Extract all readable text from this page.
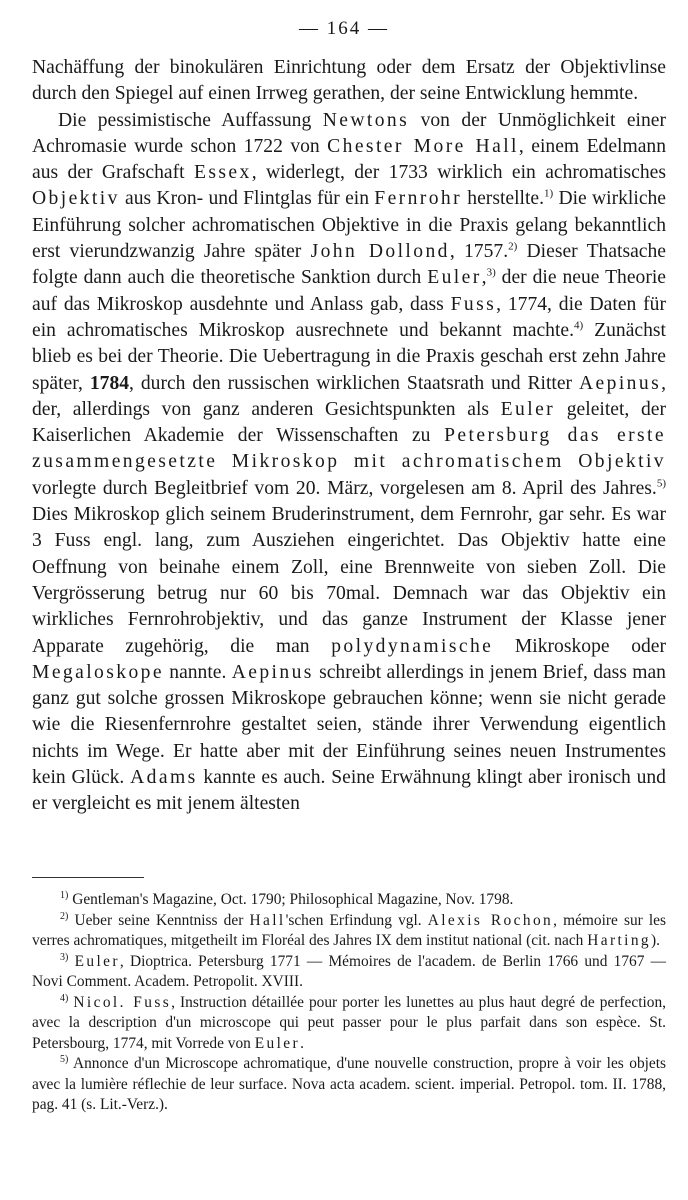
— 164 —

Nachäffung der binokulären Einrichtung oder dem Ersatz der Objektivlinse durch den Spiegel auf einen Irrweg gerathen, der seine Entwicklung hemmte.

Die pessimistische Auffassung Newtons von der Unmöglichkeit einer Achromasie wurde schon 1722 von Chester More Hall, einem Edelmann aus der Grafschaft Essex, widerlegt, der 1733 wirklich ein achromatisches Objektiv aus Kron- und Flintglas für ein Fernrohr herstellte.$^{1)}$ Die wirkliche Einführung solcher achromatischen Objektive in die Praxis gelang bekanntlich erst vierundzwanzig Jahre später John Dollond, 1757.$^{2)}$ Dieser Thatsache folgte dann auch die theoretische Sanktion durch Euler,$^{3)}$ der die neue Theorie auf das Mikroskop ausdehnte und Anlass gab, dass Fuss, 1774, die Daten für ein achromatisches Mikroskop ausrechnete und bekannt machte.$^{4)}$ Zunächst blieb es bei der Theorie. Die Uebertragung in die Praxis geschah erst zehn Jahre später, 1784, durch den russischen wirklichen Staatsrath und Ritter Aepinus, der, allerdings von ganz anderen Gesichtspunkten als Euler geleitet, der Kaiserlichen Akademie der Wissenschaften zu Petersburg das erste zusammengesetzte Mikroskop mit achromatischem Objektiv vorlegte durch Begleitbrief vom 20. März, vorgelesen am 8. April des Jahres.$^{5)}$ Dies Mikroskop glich seinem Bruderinstrument, dem Fernrohr, gar sehr. Es war 3 Fuss engl. lang, zum Ausziehen eingerichtet. Das Objektiv hatte eine Oeffnung von beinahe einem Zoll, eine Brennweite von sieben Zoll. Die Vergrösserung betrug nur 60 bis 70mal. Demnach war das Objektiv ein wirkliches Fernrohrobjektiv, und das ganze Instrument der Klasse jener Apparate zugehörig, die man polydynamische Mikroskope oder Megaloskope nannte. Aepinus schreibt allerdings in jenem Brief, dass man ganz gut solche grossen Mikroskope gebrauchen könne; wenn sie nicht gerade wie die Riesenfernrohre gestaltet seien, stände ihrer Verwendung eigentlich nichts im Wege. Er hatte aber mit der Einführung seines neuen Instrumentes kein Glück. Adams kannte es auch. Seine Erwähnung klingt aber ironisch und er vergleicht es mit jenem ältesten

$^{1)}$ Gentleman's Magazine, Oct. 1790; Philosophical Magazine, Nov. 1798.

$^{2)}$ Ueber seine Kenntniss der Hall'schen Erfindung vgl. Alexis Rochon, mémoire sur les verres achromatiques, mitgetheilt im Floréal des Jahres IX dem institut national (cit. nach Harting).

$^{3)}$ Euler, Dioptrica. Petersburg 1771 — Mémoires de l'academ. de Berlin 1766 und 1767 — Novi Comment. Academ. Petropolit. XVIII.

$^{4)}$ Nicol. Fuss, Instruction détaillée pour porter les lunettes au plus haut degré de perfection, avec la description d'un microscope qui peut passer pour le plus parfait dans son espèce. St. Petersbourg, 1774, mit Vorrede von Euler.

$^{5)}$ Annonce d'un Microscope achromatique, d'une nouvelle construction, propre à voir les objets avec la lumière réflechie de leur surface. Nova acta academ. scient. imperial. Petropol. tom. II. 1788, pag. 41 (s. Lit.-Verz.).
